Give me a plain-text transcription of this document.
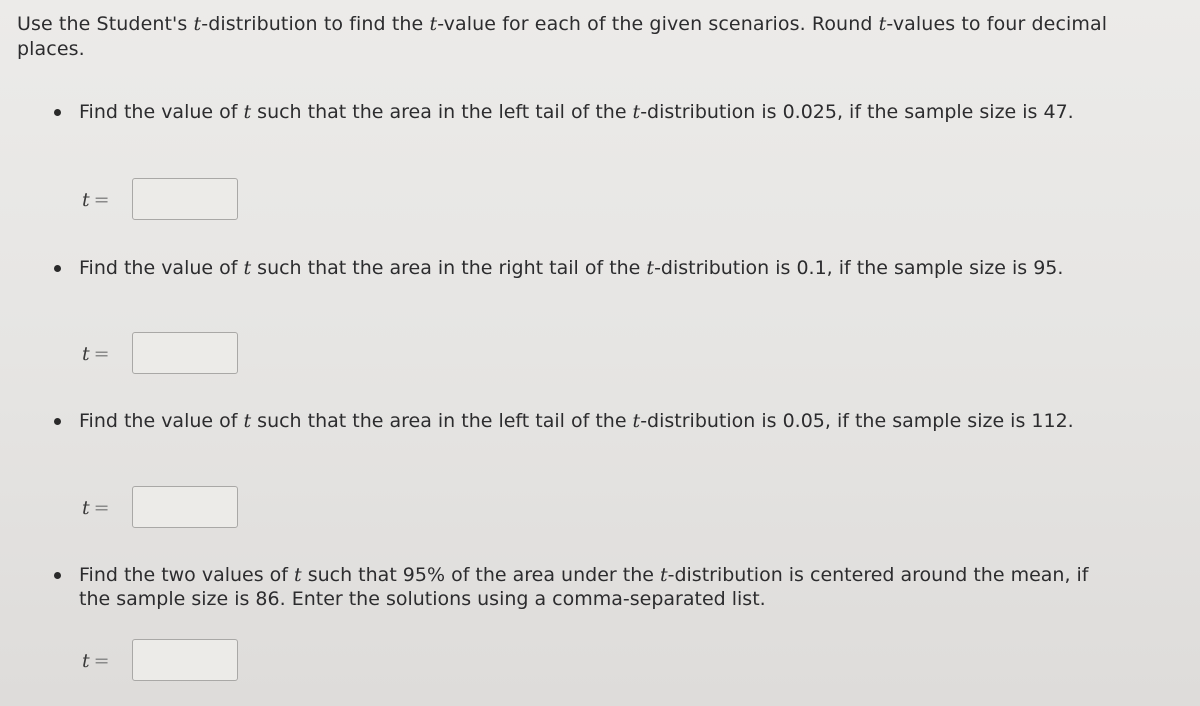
Use the Student's t-distribution to find the t-value for each of the given scenarios. Round t-values to four decimal places.
Find the value of t such that the area in the left tail of the t-distribution is 0.025, if the sample size is 47.
t =
Find the value of t such that the area in the right tail of the t-distribution is 0.1, if the sample size is 95.
t =
Find the value of t such that the area in the left tail of the t-distribution is 0.05, if the sample size is 112.
t =
Find the two values of t such that 95% of the area under the t-distribution is centered around the mean, if the sample size is 86. Enter the solutions using a comma-separated list.
t =
